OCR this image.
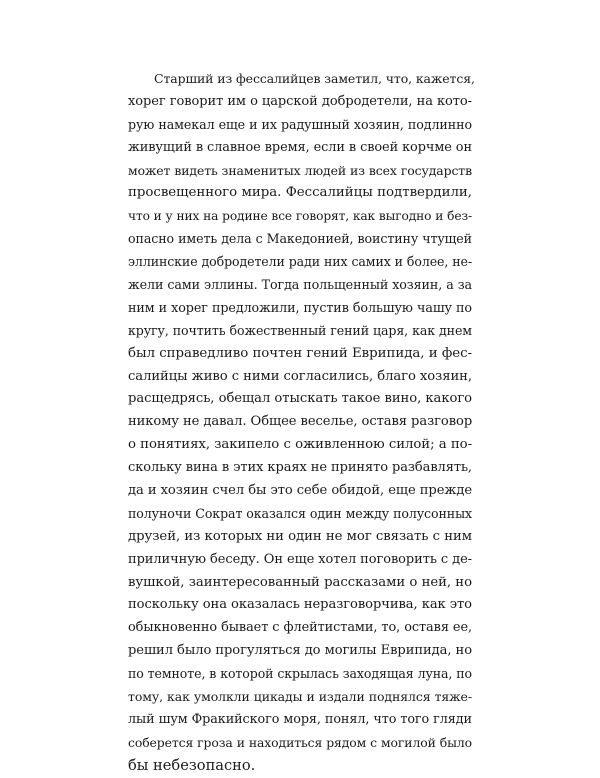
Старший из фессалийцев заметил, что, кажется,
хорег говорит им о царской добродетели, на кото-
рую намекал еще и их радушный хозяин, подлинно
живущий в славное время, если в своей корчме он
может видеть знаменитых людей из всех государств
просвещенного мира. Фессалийцы подтвердили,
что и у них на родине все говорят, как выгодно и без-
опасно иметь дела с Македонией, воистину чтущей
эллинские добродетели ради них самих и более, не-
жели сами эллины. Тогда польщенный хозяин, а за
ним и хорег предложили, пустив большую чашу по
кругу, почтить божественный гений царя, как днем
был справедливо почтен гений Еврипида, и фес-
салийцы живо с ними согласились, благо хозяин,
расщедрясь, обещал отыскать такое вино, какого
никому не давал. Общее веселье, оставя разговор
о понятиях, закипело с оживленною силой; а по-
скольку вина в этих краях не принято разбавлять,
да и хозяин счел бы это себе обидой, еще прежде
полуночи Сократ оказался один между полусонных
друзей, из которых ни один не мог связать с ним
приличную беседу. Он еще хотел поговорить с де-
вушкой, заинтересованный рассказами о ней, но
поскольку она оказалась неразговорчива, как это
обыкновенно бывает с флейтистами, то, оставя ее,
решил было прогуляться до могилы Еврипида, но
по темноте, в которой скрылась заходящая луна, по
тому, как умолкли цикады и издали поднялся тяже-
лый шум Фракийского моря, понял, что того гляди
соберется гроза и находиться рядом с могилой было
бы небезопасно.
